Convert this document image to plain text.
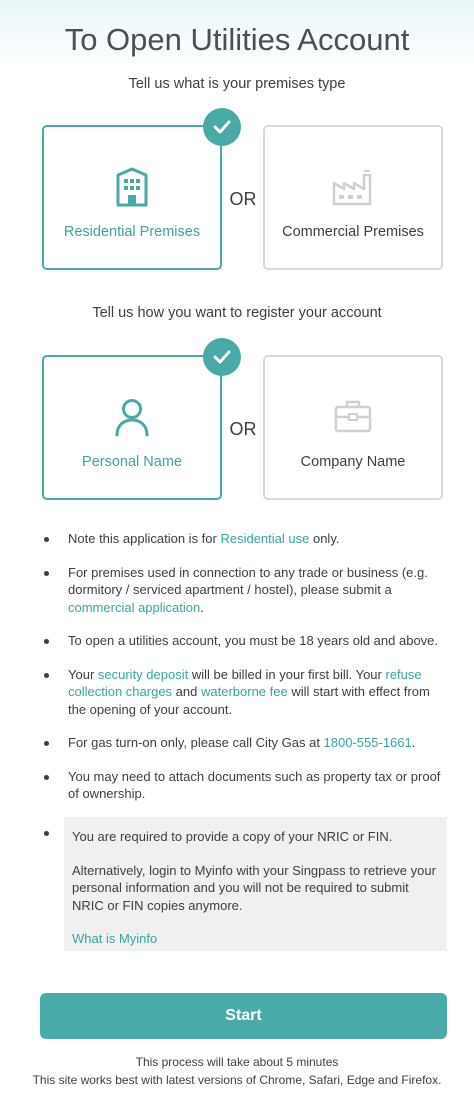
To Open Utilities Account
Tell us what is your premises type
Residential Premises
OR
Commercial Premises
Tell us how you want to register your account
Personal Name
OR
Company Name
Note this application is for Residential use only.
For premises used in connection to any trade or business (e.g. dormitory / serviced apartment / hostel), please submit a commercial application.
To open a utilities account, you must be 18 years old and above.
Your security deposit will be billed in your first bill. Your refuse collection charges and waterborne fee will start with effect from the opening of your account.
For gas turn-on only, please call City Gas at 1800-555-1661.
You may need to attach documents such as property tax or proof of ownership.

You are required to provide a copy of your NRIC or FIN.

Alternatively, login to Myinfo with your Singpass to retrieve your personal information and you will not be required to submit NRIC or FIN copies anymore.

What is Myinfo

Start
This process will take about 5 minutes
This site works best with latest versions of Chrome, Safari, Edge and Firefox.
